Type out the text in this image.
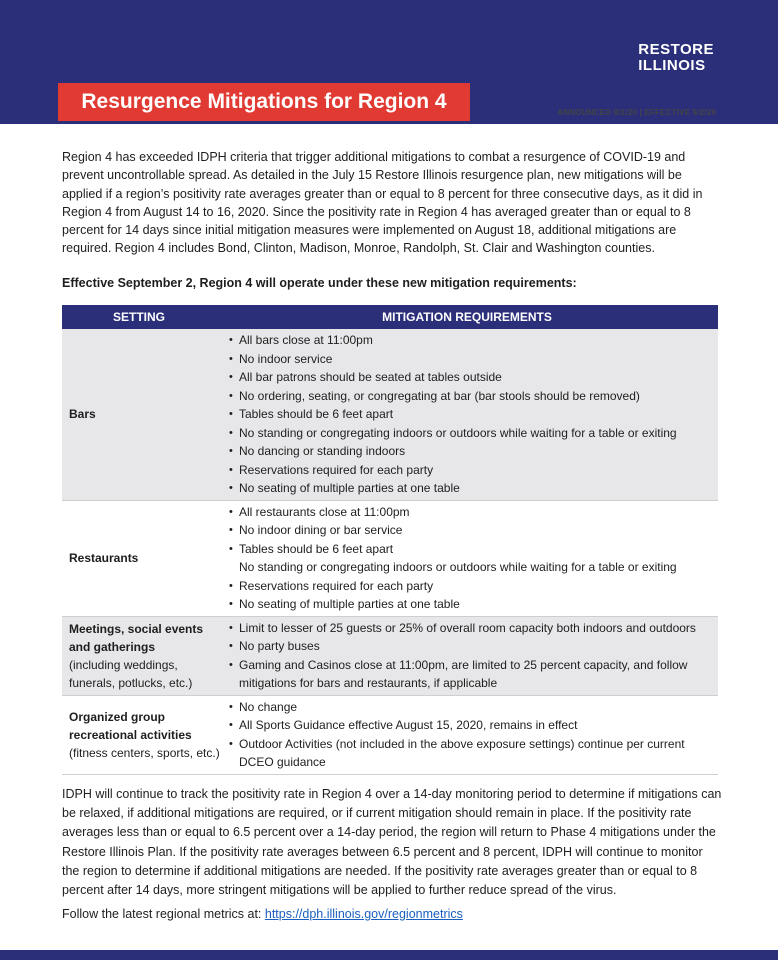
RESTORE
ILLINOIS
Resurgence Mitigations for Region 4	ANNOUNCED 9/1/20 | EFFECTIVE 9/2/20
Region 4 has exceeded IDPH criteria that trigger additional mitigations to combat a resurgence of COVID-19 and prevent uncontrollable spread. As detailed in the July 15 Restore Illinois resurgence plan, new mitigations will be applied if a region’s positivity rate averages greater than or equal to 8 percent for three consecutive days, as it did in Region 4 from August 14 to 16, 2020. Since the positivity rate in Region 4 has averaged greater than or equal to 8 percent for 14 days since initial mitigation measures were implemented on August 18, additional mitigations are required. Region 4 includes Bond, Clinton, Madison, Monroe, Randolph, St. Clair and Washington counties.
Effective September 2, Region 4 will operate under these new mitigation requirements:
SETTING	MITIGATION REQUIREMENTS
Bars
• All bars close at 11:00pm
• No indoor service
• All bar patrons should be seated at tables outside
• No ordering, seating, or congregating at bar (bar stools should be removed)
• Tables should be 6 feet apart
• No standing or congregating indoors or outdoors while waiting for a table or exiting
• No dancing or standing indoors
• Reservations required for each party
• No seating of multiple parties at one table
Restaurants
• All restaurants close at 11:00pm
• No indoor dining or bar service
• Tables should be 6 feet apart
No standing or congregating indoors or outdoors while waiting for a table or exiting
• Reservations required for each party
• No seating of multiple parties at one table
Meetings, social events and gatherings
(including weddings, funerals, potlucks, etc.)
• Limit to lesser of 25 guests or 25% of overall room capacity both indoors and outdoors
• No party buses
• Gaming and Casinos close at 11:00pm, are limited to 25 percent capacity, and follow mitigations for bars and restaurants, if applicable
Organized group recreational activities
(fitness centers, sports, etc.)
• No change
• All Sports Guidance effective August 15, 2020, remains in effect
• Outdoor Activities (not included in the above exposure settings) continue per current DCEO guidance
IDPH will continue to track the positivity rate in Region 4 over a 14-day monitoring period to determine if mitigations can be relaxed, if additional mitigations are required, or if current mitigation should remain in place. If the positivity rate averages less than or equal to 6.5 percent over a 14-day period, the region will return to Phase 4 mitigations under the Restore Illinois Plan. If the positivity rate averages between 6.5 percent and 8 percent, IDPH will continue to monitor the region to determine if additional mitigations are needed. If the positivity rate averages greater than or equal to 8 percent after 14 days, more stringent mitigations will be applied to further reduce spread of the virus.
Follow the latest regional metrics at: https://dph.illinois.gov/regionmetrics
